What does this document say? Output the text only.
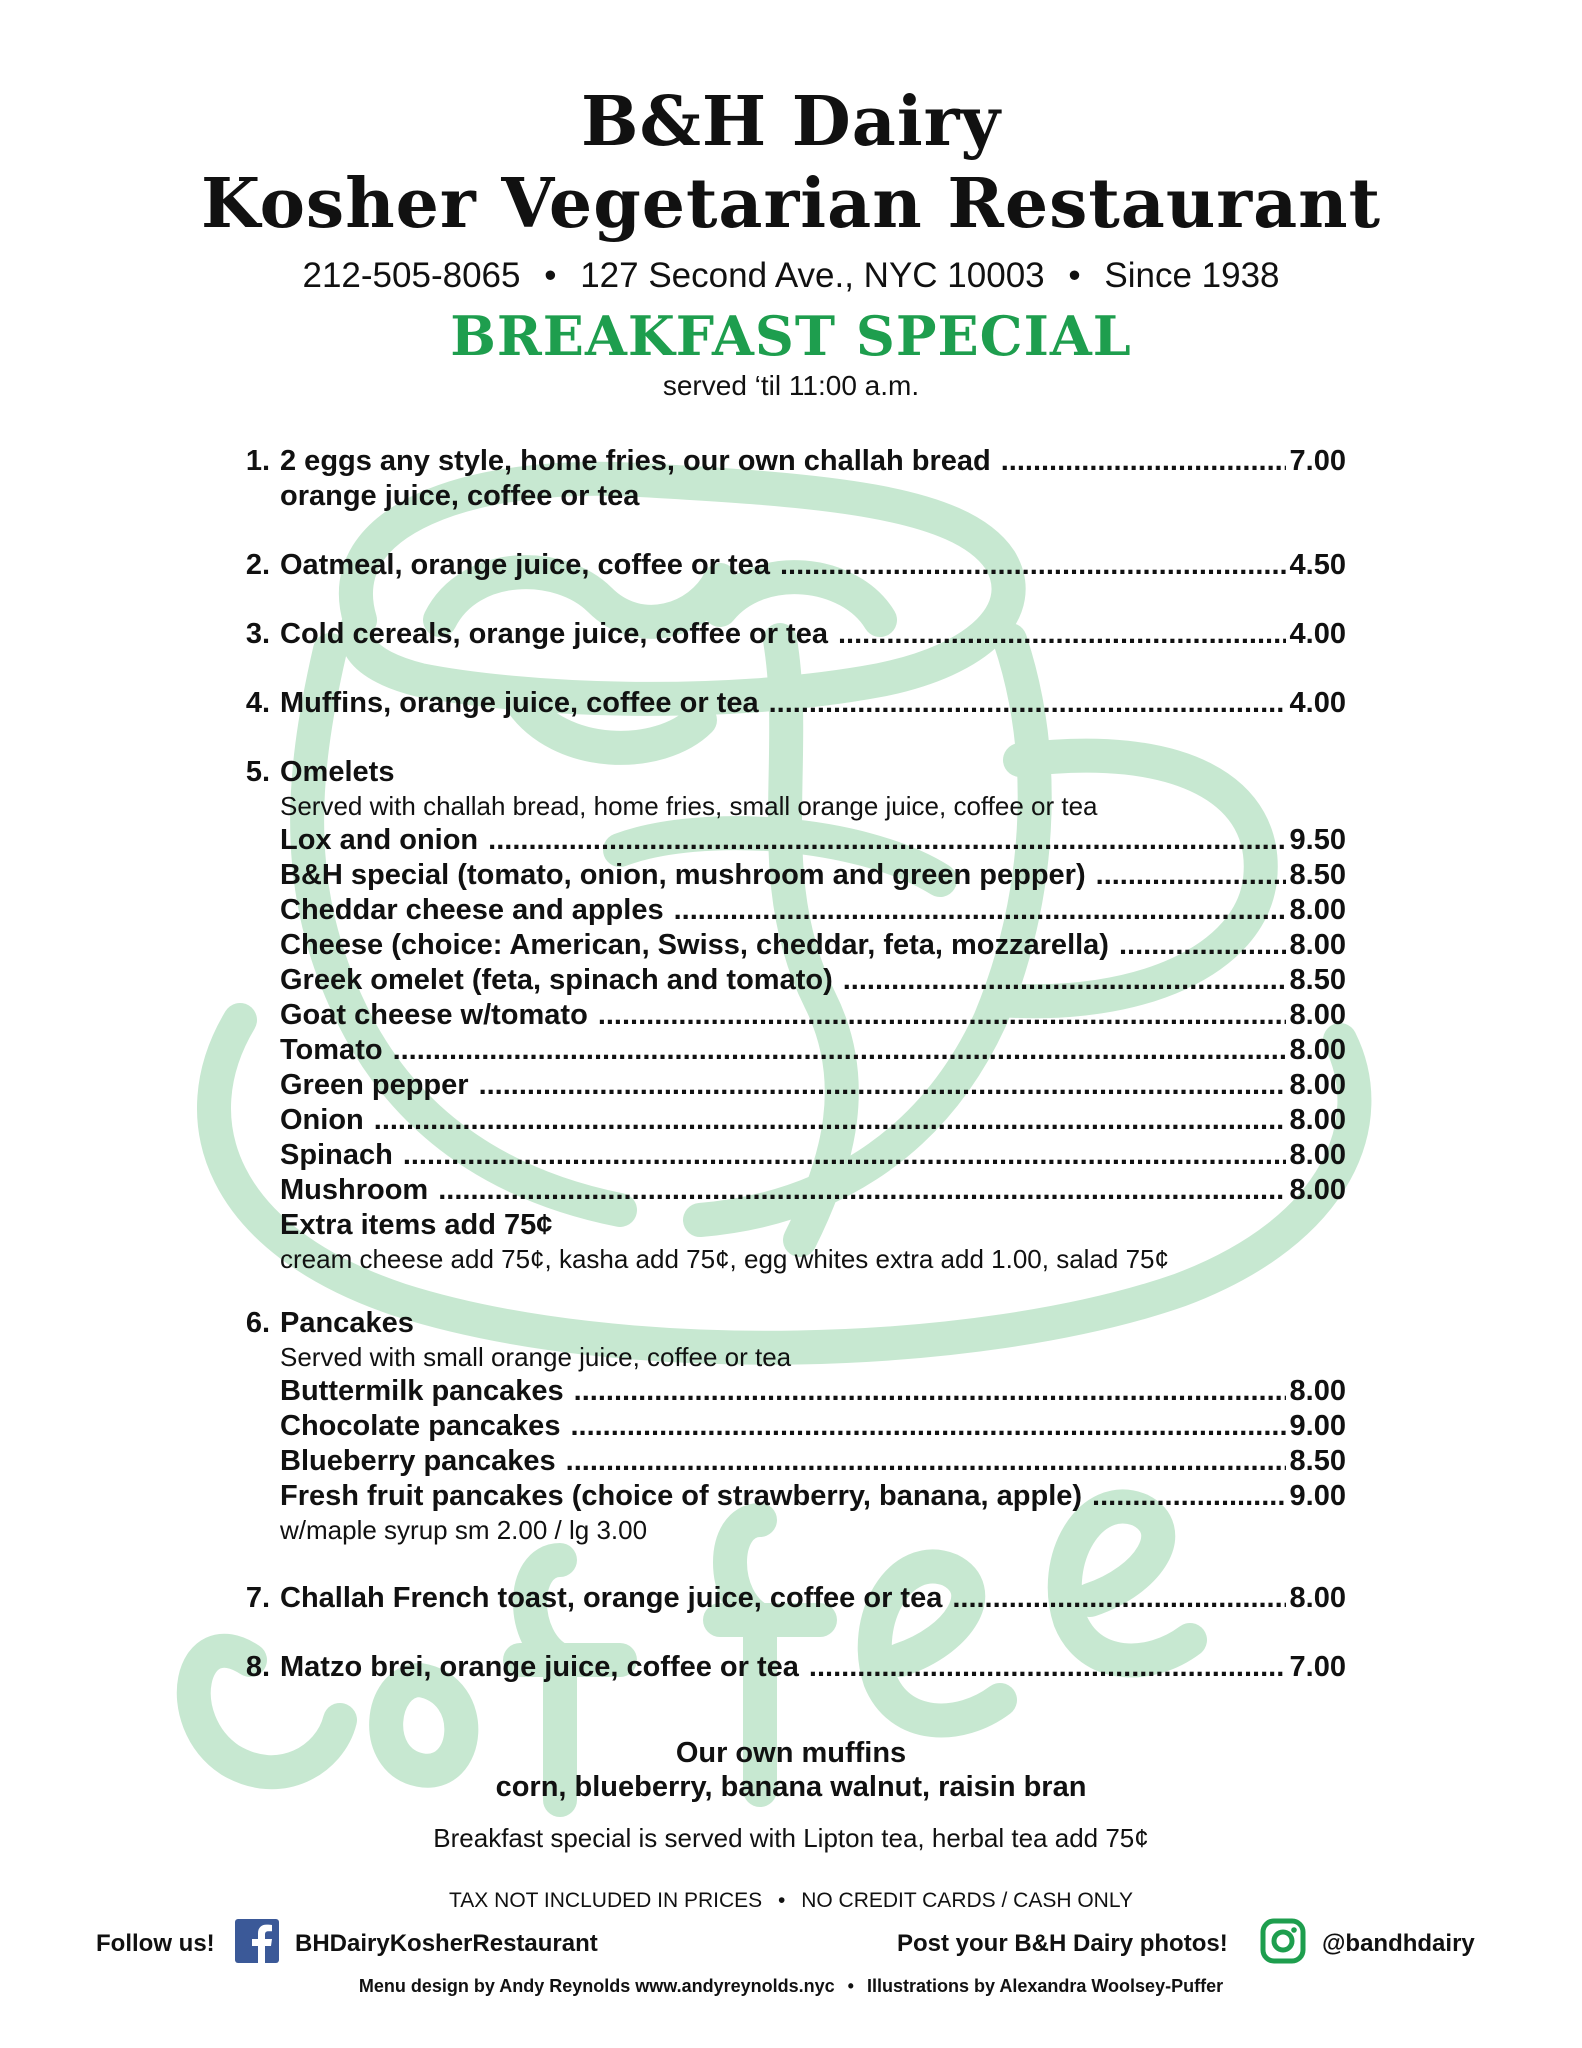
B&H Dairy
Kosher Vegetarian Restaurant
212-505-8065 • 127 Second Ave., NYC 10003 • Since 1938
BREAKFAST SPECIAL
served ‘til 11:00 a.m.
1. 2 eggs any style, home fries, our own challah bread .....	7.00
orange juice, coffee or tea
2. Oatmeal, orange juice, coffee or tea .....	4.50
3. Cold cereals, orange juice, coffee or tea .....	4.00
4. Muffins, orange juice, coffee or tea .....	4.00
5. Omelets
Served with challah bread, home fries, small orange juice, coffee or tea
Lox and onion .....	9.50
B&H special (tomato, onion, mushroom and green pepper) .....	8.50
Cheddar cheese and apples .....	8.00
Cheese (choice: American, Swiss, cheddar, feta, mozzarella) .....	8.00
Greek omelet (feta, spinach and tomato) .....	8.50
Goat cheese w/tomato .....	8.00
Tomato .....	8.00
Green pepper .....	8.00
Onion .....	8.00
Spinach .....	8.00
Mushroom .....	8.00
Extra items add 75¢
cream cheese add 75¢, kasha add 75¢, egg whites extra add 1.00, salad 75¢
6. Pancakes
Served with small orange juice, coffee or tea
Buttermilk pancakes .....	8.00
Chocolate pancakes .....	9.00
Blueberry pancakes .....	8.50
Fresh fruit pancakes (choice of strawberry, banana, apple) .....	9.00
w/maple syrup sm 2.00 / lg 3.00
7. Challah French toast, orange juice, coffee or tea .....	8.00
8. Matzo brei, orange juice, coffee or tea .....	7.00
Our own muffins
corn, blueberry, banana walnut, raisin bran
Breakfast special is served with Lipton tea, herbal tea add 75¢
TAX NOT INCLUDED IN PRICES • NO CREDIT CARDS / CASH ONLY
Follow us!	BHDairyKosherRestaurant	Post your B&H Dairy photos!	@bandhdairy
Menu design by Andy Reynolds www.andyreynolds.nyc • Illustrations by Alexandra Woolsey-Puffer
